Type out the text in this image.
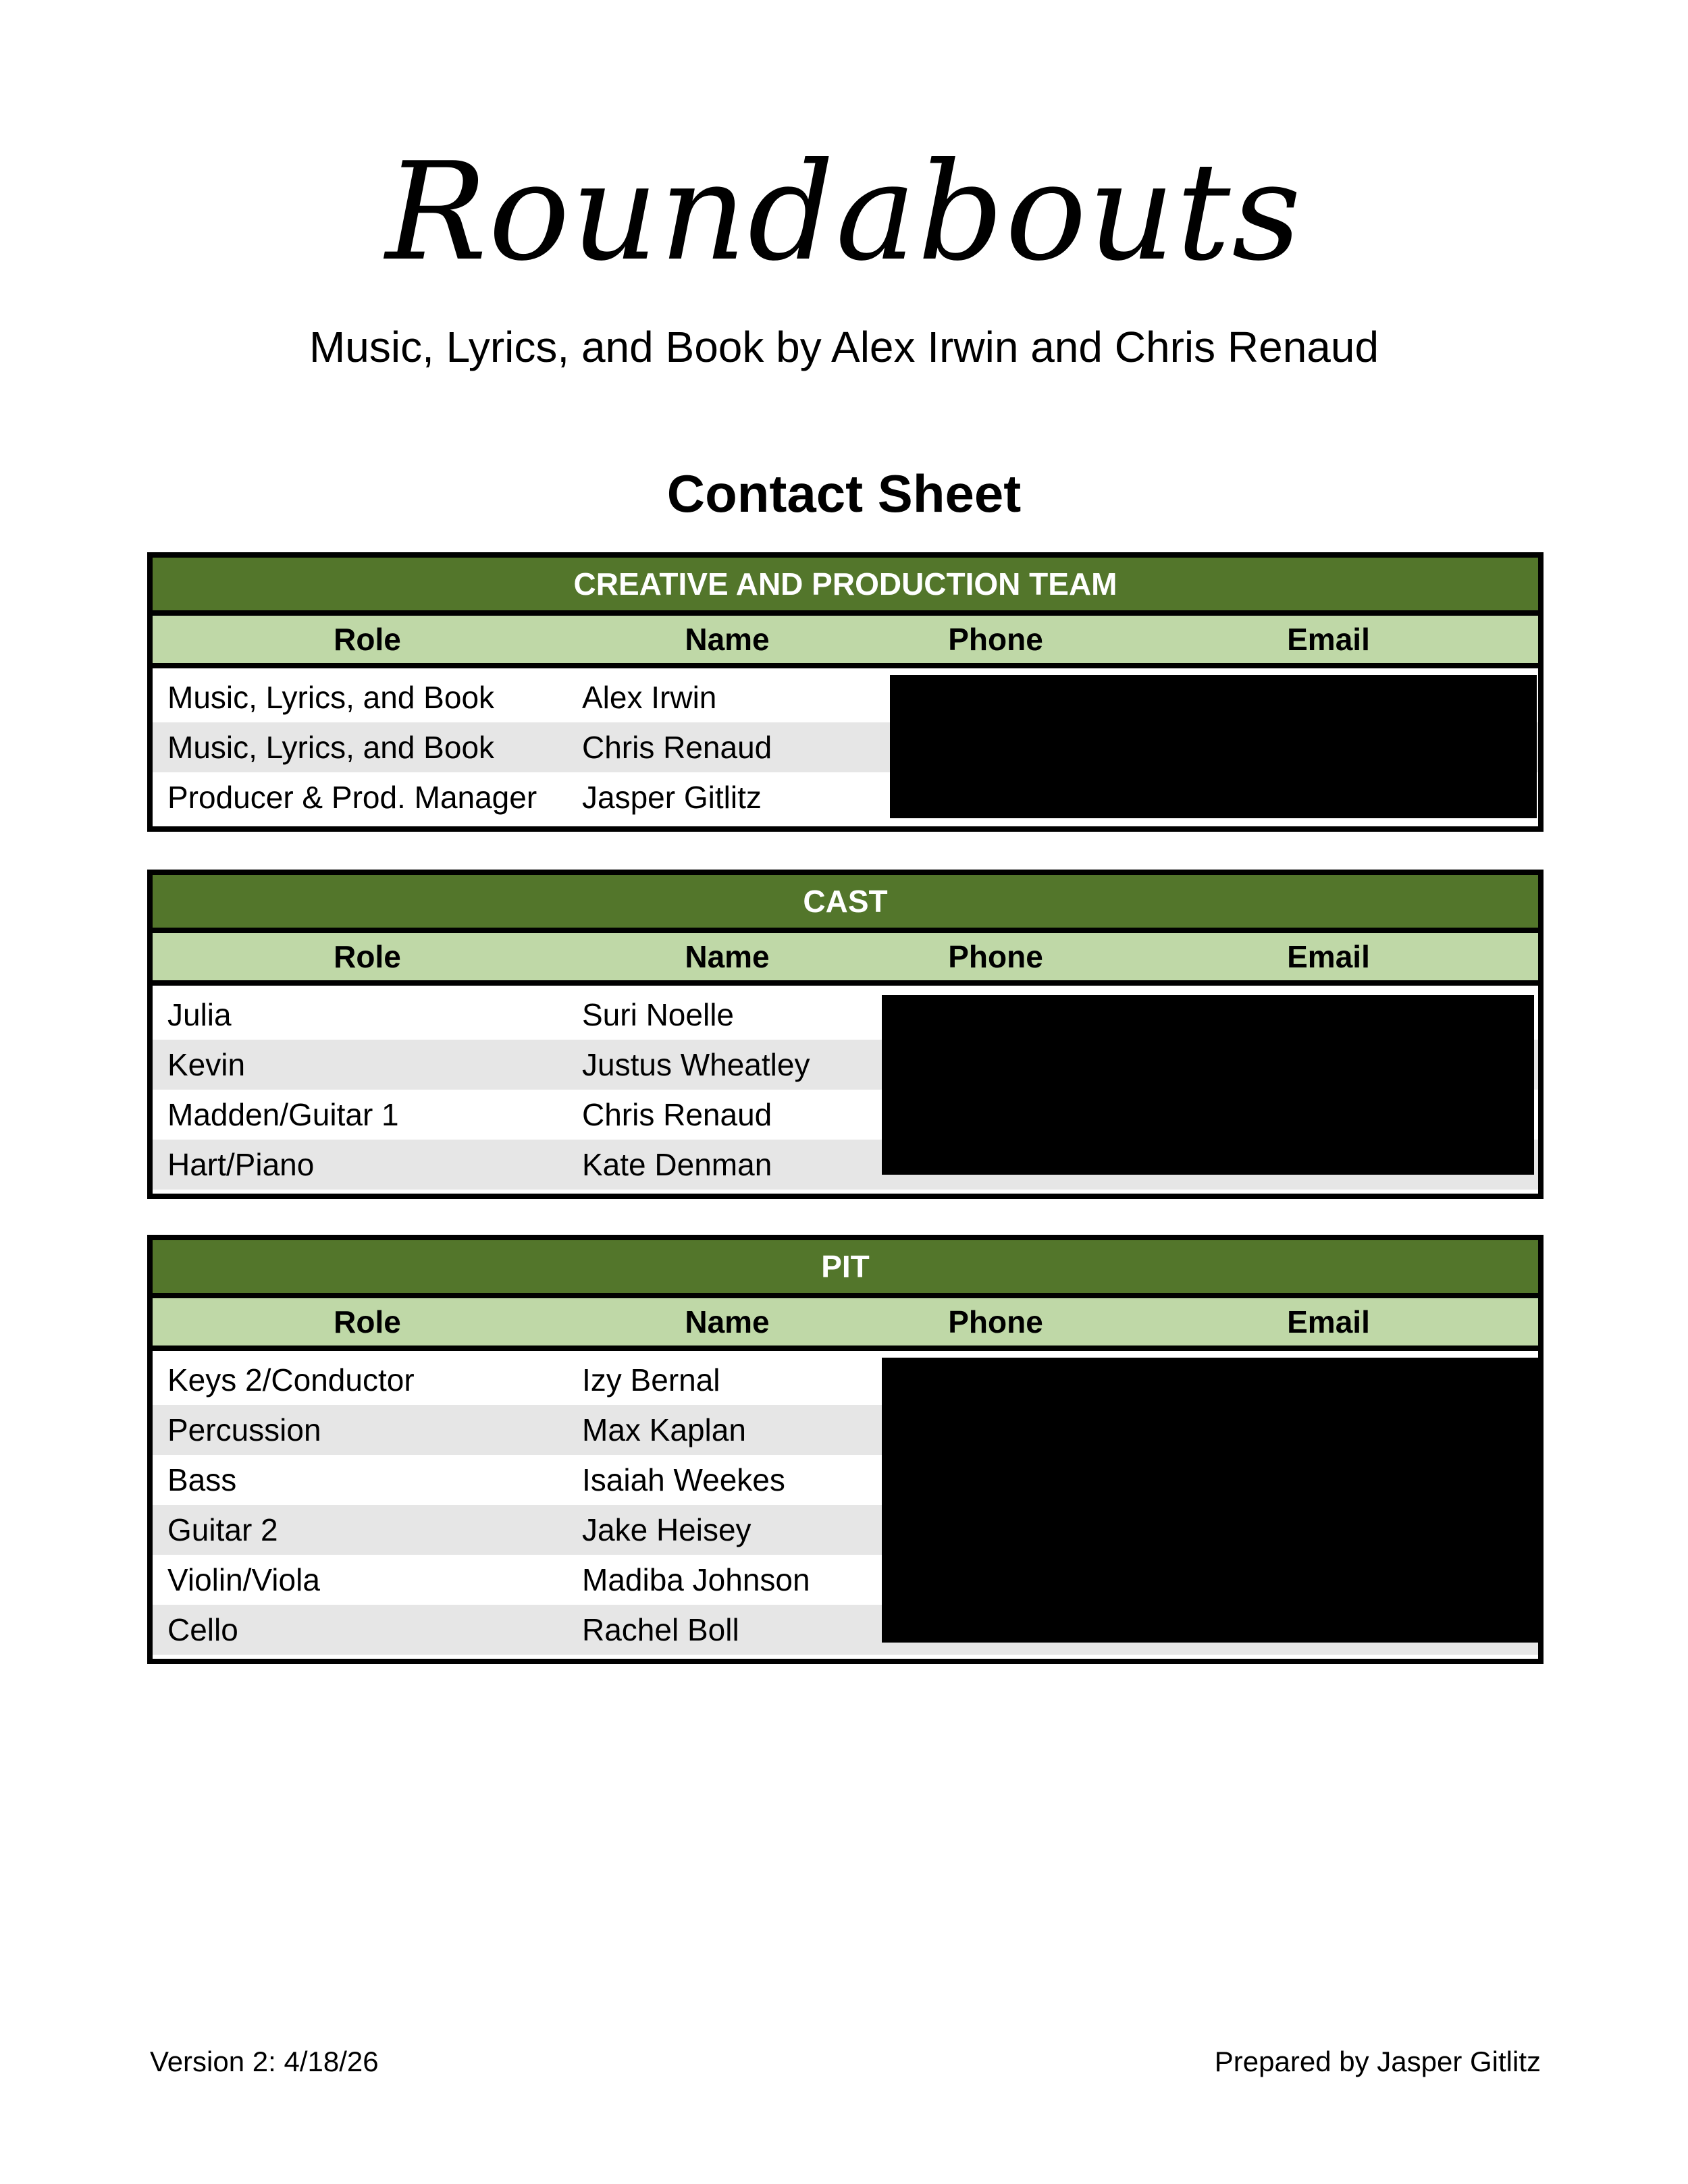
Roundabouts
Music, Lyrics, and Book by Alex Irwin and Chris Renaud
Contact Sheet
CREATIVE AND PRODUCTION TEAM
Role	Name	Phone	Email
Music, Lyrics, and Book	Alex Irwin
Music, Lyrics, and Book	Chris Renaud
Producer & Prod. Manager	Jasper Gitlitz
CAST
Role	Name	Phone	Email
Julia	Suri Noelle
Kevin	Justus Wheatley
Madden/Guitar 1	Chris Renaud
Hart/Piano	Kate Denman
PIT
Role	Name	Phone	Email
Keys 2/Conductor	Izy Bernal
Percussion	Max Kaplan
Bass	Isaiah Weekes
Guitar 2	Jake Heisey
Violin/Viola	Madiba Johnson
Cello	Rachel Boll
Version 2: 4/18/26	Prepared by Jasper Gitlitz
